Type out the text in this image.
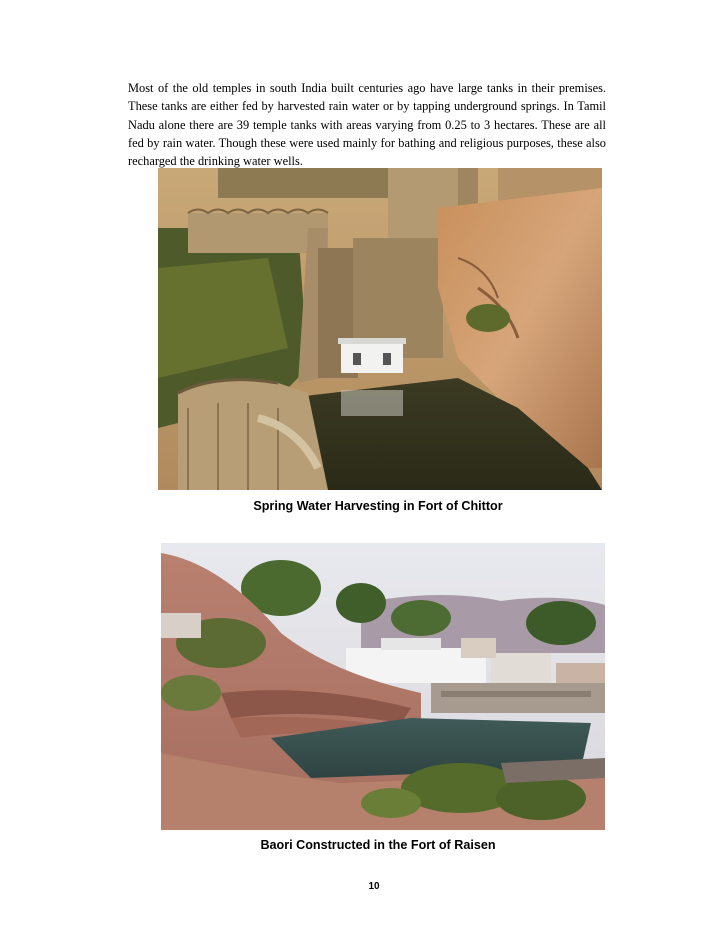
Most of the old temples in south India built centuries ago have large tanks in their premises. These tanks are either fed by harvested rain water or by tapping underground springs. In Tamil Nadu alone there are 39 temple tanks with areas varying from 0.25 to 3 hectares. These are all fed by rain water. Though these were used mainly for bathing and religious purposes, these also recharged the drinking water wells.

Spring Water Harvesting in Fort of Chittor
Baori Constructed in the Fort of Raisen
10
